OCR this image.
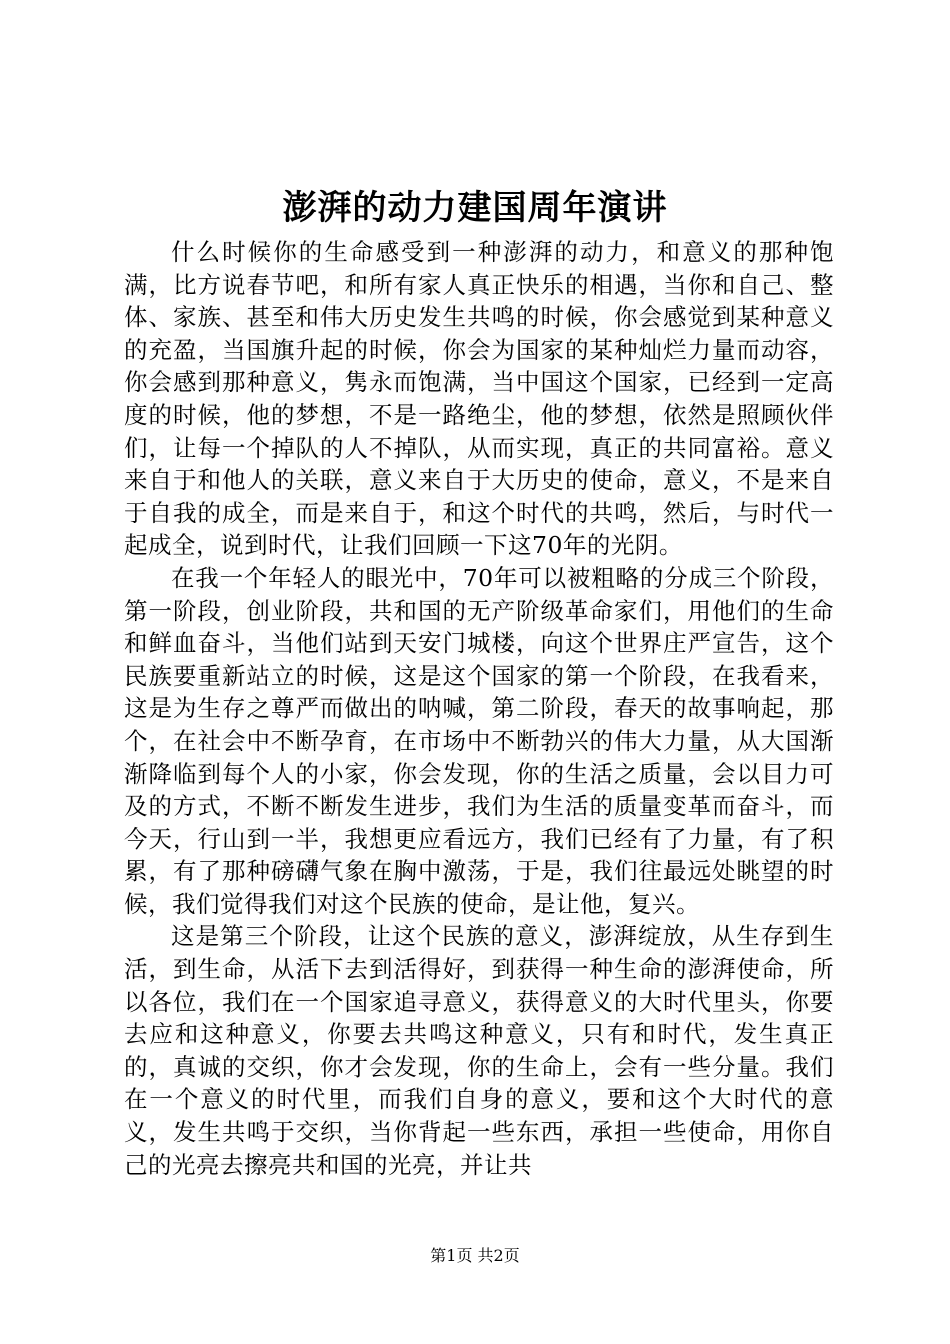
澎湃的动力建国周年演讲

什么时候你的生命感受到一种澎湃的动力，和意义的那种饱满，比方说春节吧，和所有家人真正快乐的相遇，当你和自己、整体、家族、甚至和伟大历史发生共鸣的时候，你会感觉到某种意义的充盈，当国旗升起的时候，你会为国家的某种灿烂力量而动容，你会感到那种意义，隽永而饱满，当中国这个国家，已经到一定高度的时候，他的梦想，不是一路绝尘，他的梦想，依然是照顾伙伴们，让每一个掉队的人不掉队，从而实现，真正的共同富裕。意义来自于和他人的关联，意义来自于大历史的使命，意义，不是来自于自我的成全，而是来自于，和这个时代的共鸣，然后，与时代一起成全，说到时代，让我们回顾一下这70年的光阴。

在我一个年轻人的眼光中，70年可以被粗略的分成三个阶段，第一阶段，创业阶段，共和国的无产阶级革命家们，用他们的生命和鲜血奋斗，当他们站到天安门城楼，向这个世界庄严宣告，这个民族要重新站立的时候，这是这个国家的第一个阶段，在我看来，这是为生存之尊严而做出的呐喊，第二阶段，春天的故事响起，那个，在社会中不断孕育，在市场中不断勃兴的伟大力量，从大国渐渐降临到每个人的小家，你会发现，你的生活之质量，会以目力可及的方式，不断不断发生进步，我们为生活的质量变革而奋斗，而今天，行山到一半，我想更应看远方，我们已经有了力量，有了积累，有了那种磅礴气象在胸中激荡，于是，我们往最远处眺望的时候，我们觉得我们对这个民族的使命，是让他，复兴。

这是第三个阶段，让这个民族的意义，澎湃绽放，从生存到生活，到生命，从活下去到活得好，到获得一种生命的澎湃使命，所以各位，我们在一个国家追寻意义，获得意义的大时代里头，你要去应和这种意义，你要去共鸣这种意义，只有和时代，发生真正的，真诚的交织，你才会发现，你的生命上，会有一些分量。我们在一个意义的时代里，而我们自身的意义，要和这个大时代的意义，发生共鸣于交织，当你背起一些东西，承担一些使命，用你自己的光亮去擦亮共和国的光亮，并让共

第1页 共2页
